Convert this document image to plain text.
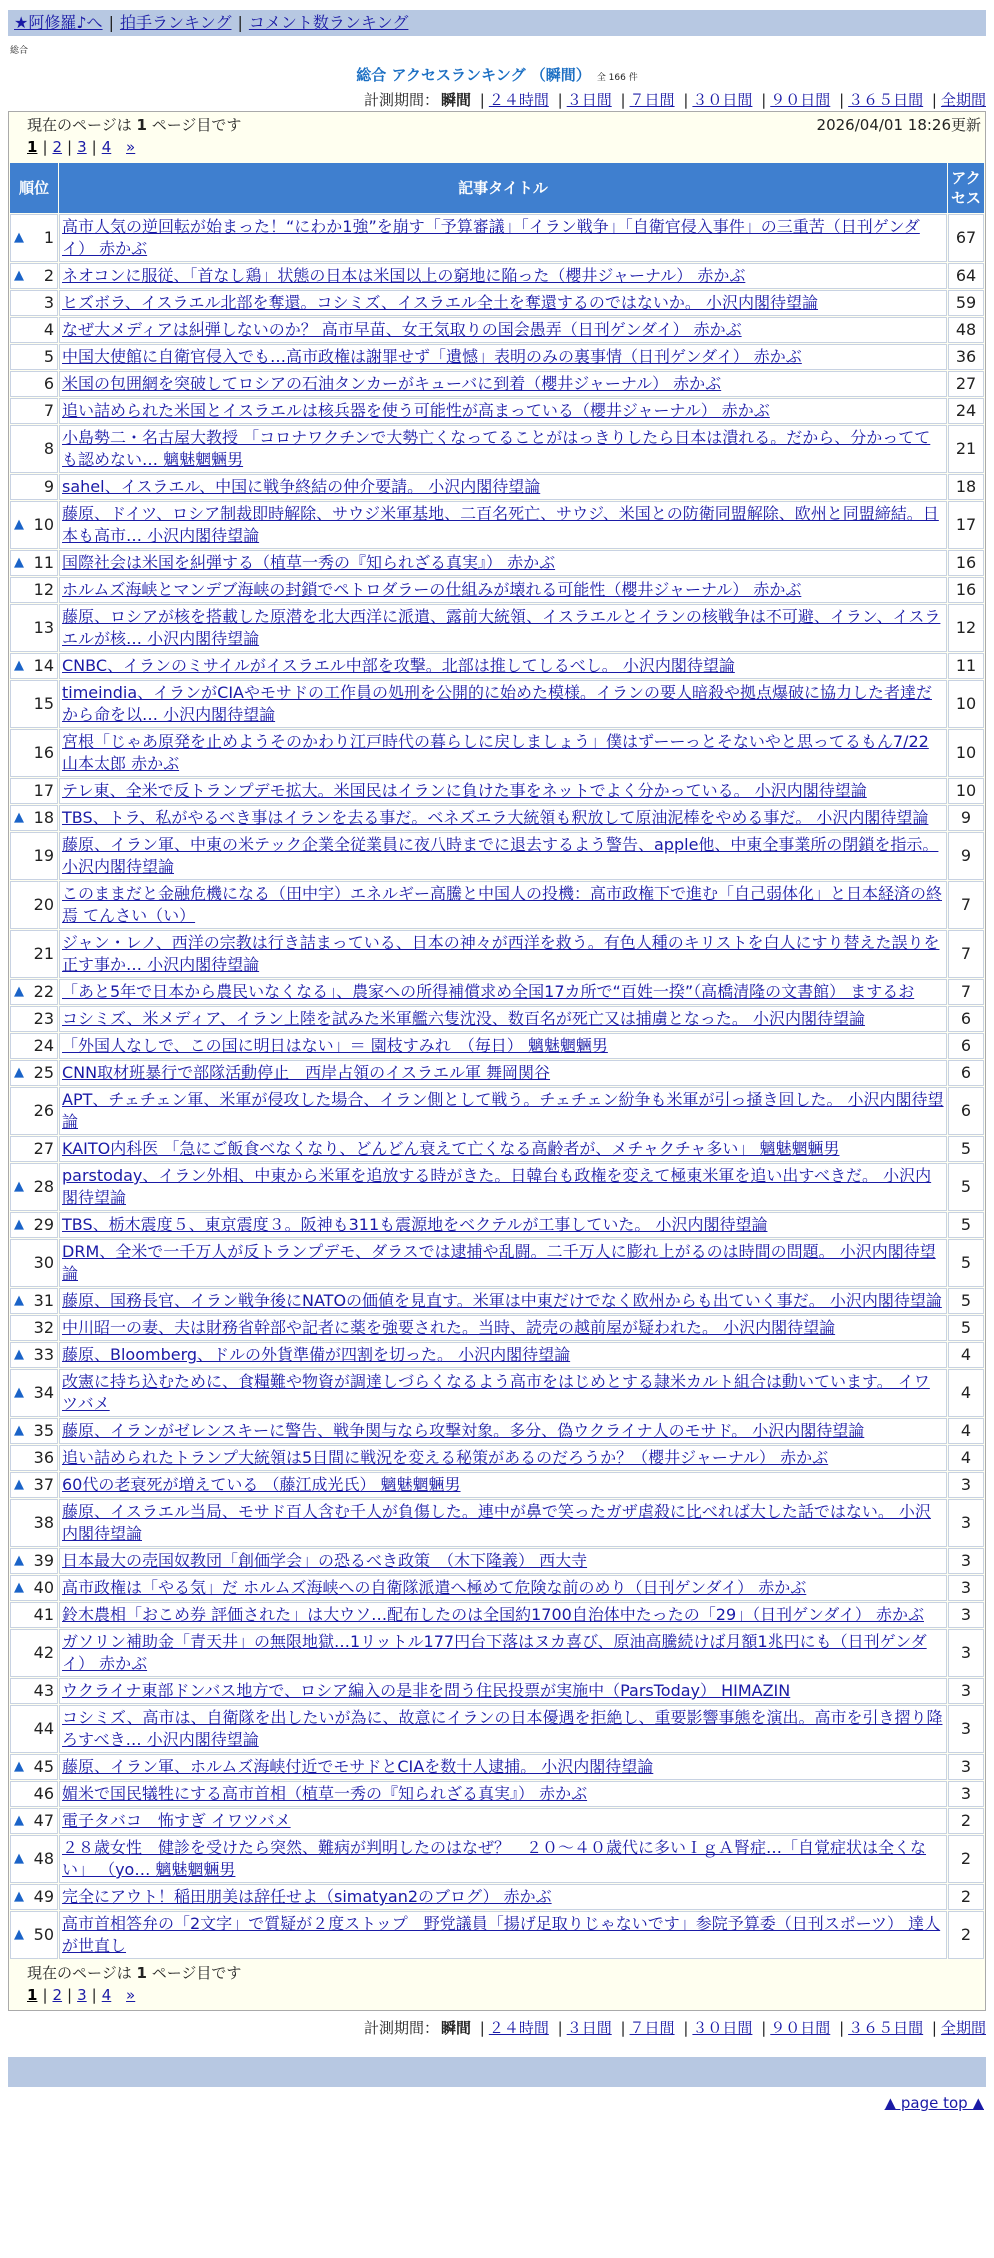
★阿修羅♪へ | 拍手ランキング | コメント数ランキング
総合
総合 アクセスランキング （瞬間） 全 166 件
計測期間： 瞬間 | ２４時間 | ３日間 | ７日間 | ３０日間 | ９０日間 | ３６５日間 | 全期間
現在のページは 1 ページ目です	2026/04/01 18:26更新
1 | 2 | 3 | 4 »
順位	記事タイトル	アクセス

▲ 1	高市人気の逆回転が始まった！“にわか1強”を崩す「予算審議」「イラン戦争」「自衛官侵入事件」の三重苦（日刊ゲンダイ） 赤かぶ	67

▲ 2	ネオコンに服従、「首なし鶏」状態の日本は米国以上の窮地に陥った（櫻井ジャーナル） 赤かぶ	64
3	ヒズボラ、イスラエル北部を奪還。コシミズ、イスラエル全土を奪還するのではないか。 小沢内閣待望論	59
4	なぜ大メディアは糾弾しないのか？ 高市早苗、女王気取りの国会愚弄（日刊ゲンダイ） 赤かぶ	48
5	中国大使館に自衛官侵入でも…高市政権は謝罪せず「遺憾」表明のみの裏事情（日刊ゲンダイ） 赤かぶ	36
6	米国の包囲網を突破してロシアの石油タンカーがキューバに到着（櫻井ジャーナル） 赤かぶ	27
7	追い詰められた米国とイスラエルは核兵器を使う可能性が高まっている（櫻井ジャーナル） 赤かぶ	24
8	小島勢二・名古屋大教授 「コロナワクチンで大勢亡くなってることがはっきりしたら日本は潰れる。だから、分かってても認めない… 魑魅魍魎男	21
9	sahel、イスラエル、中国に戦争終結の仲介要請。 小沢内閣待望論	18

▲ 10	藤原、ドイツ、ロシア制裁即時解除、サウジ米軍基地、二百名死亡、サウジ、米国との防衛同盟解除、欧州と同盟締結。日本も高市… 小沢内閣待望論	17

▲ 11	国際社会は米国を糾弾する（植草一秀の『知られざる真実』） 赤かぶ	16
12	ホルムズ海峡とマンデブ海峡の封鎖でペトロダラーの仕組みが壊れる可能性（櫻井ジャーナル） 赤かぶ	16
13	藤原、ロシアが核を搭載した原潜を北大西洋に派遣、露前大統領、イスラエルとイランの核戦争は不可避、イラン、イスラエルが核… 小沢内閣待望論	12

▲ 14	CNBC、イランのミサイルがイスラエル中部を攻撃。北部は推してしるべし。 小沢内閣待望論	11
15	timeindia、イランがCIAやモサドの工作員の処刑を公開的に始めた模様。イランの要人暗殺や拠点爆破に協力した者達だから命を以… 小沢内閣待望論	10
16	宮根「じゃあ原発を止めようそのかわり江戸時代の暮らしに戻しましょう」僕はずーーっとそないやと思ってるもん7/22山本太郎 赤かぶ	10
17	テレ東、全米で反トランプデモ拡大。米国民はイランに負けた事をネットでよく分かっている。 小沢内閣待望論	10

▲ 18	TBS、トラ、私がやるべき事はイランを去る事だ。ベネズエラ大統領も釈放して原油泥棒をやめる事だ。 小沢内閣待望論	9
19	藤原、イラン軍、中東の米テック企業全従業員に夜八時までに退去するよう警告、apple他、中東全事業所の閉鎖を指示。 小沢内閣待望論	9
20	このままだと金融危機になる（田中宇）エネルギー高騰と中国人の投機：高市政権下で進む「自己弱体化」と日本経済の終焉 てんさい（い）	7
21	ジャン・レノ、西洋の宗教は行き詰まっている、日本の神々が西洋を救う。有色人種のキリストを白人にすり替えた誤りを正す事か… 小沢内閣待望論	7

▲ 22	「あと5年で日本から農民いなくなる」、農家への所得補償求め全国17カ所で“百姓一揆”（高橋清隆の文書館） まするお	7
23	コシミズ、米メディア、イラン上陸を試みた米軍艦六隻沈没、数百名が死亡又は捕虜となった。 小沢内閣待望論	6
24	「外国人なしで、この国に明日はない」＝ 園枝すみれ　（毎日） 魑魅魍魎男	6

▲ 25	CNN取材班暴行で部隊活動停止　西岸占領のイスラエル軍 舞岡関谷	6
26	APT、チェチェン軍、米軍が侵攻した場合、イラン側として戦う。チェチェン紛争も米軍が引っ掻き回した。 小沢内閣待望論	6
27	KAITO内科医 「急にご飯食べなくなり、どんどん衰えて亡くなる高齢者が、メチャクチャ多い」 魑魅魍魎男	5

▲ 28	parstoday、イラン外相、中東から米軍を追放する時がきた。日韓台も政権を変えて極東米軍を追い出すべきだ。 小沢内閣待望論	5

▲ 29	TBS、栃木震度５、東京震度３。阪神も311も震源地をベクテルが工事していた。 小沢内閣待望論	5
30	DRM、全米で一千万人が反トランプデモ、ダラスでは逮捕や乱闘。二千万人に膨れ上がるのは時間の問題。 小沢内閣待望論	5

▲ 31	藤原、国務長官、イラン戦争後にNATOの価値を見直す。米軍は中東だけでなく欧州からも出ていく事だ。 小沢内閣待望論	5
32	中川昭一の妻、夫は財務省幹部や記者に薬を強要された。当時、読売の越前屋が疑われた。 小沢内閣待望論	5

▲ 33	藤原、Bloomberg、ドルの外貨準備が四割を切った。 小沢内閣待望論	4

▲ 34	改憲に持ち込むために、食糧難や物資が調達しづらくなるよう高市をはじめとする隷米カルト組合は動いています。 イワツバメ	4

▲ 35	藤原、イランがゼレンスキーに警告、戦争関与なら攻撃対象。多分、偽ウクライナ人のモサド。 小沢内閣待望論	4
36	追い詰められたトランプ大統領は5日間に戦況を変える秘策があるのだろうか？（櫻井ジャーナル） 赤かぶ	4

▲ 37	60代の老衰死が増えている （藤江成光氏） 魑魅魍魎男	3
38	藤原、イスラエル当局、モサド百人含む千人が負傷した。連中が鼻で笑ったガザ虐殺に比べれば大した話ではない。 小沢内閣待望論	3

▲ 39	日本最大の売国奴教団「創価学会」の恐るべき政策　（木下隆義） 西大寺	3

▲ 40	高市政権は「やる気」だ ホルムズ海峡への自衛隊派遣へ極めて危険な前のめり（日刊ゲンダイ） 赤かぶ	3
41	鈴木農相「おこめ券 評価された」は大ウソ…配布したのは全国約1700自治体中たったの「29」（日刊ゲンダイ） 赤かぶ	3
42	ガソリン補助金「青天井」の無限地獄…1リットル177円台下落はヌカ喜び、原油高騰続けば月額1兆円にも（日刊ゲンダイ） 赤かぶ	3
43	ウクライナ東部ドンバス地方で、ロシア編入の是非を問う住民投票が実施中（ParsToday） HIMAZIN	3
44	コシミズ、高市は、自衛隊を出したいが為に、故意にイランの日本優遇を拒絶し、重要影響事態を演出。高市を引き摺り降ろすべき… 小沢内閣待望論	3

▲ 45	藤原、イラン軍、ホルムズ海峡付近でモサドとCIAを数十人逮捕。 小沢内閣待望論	3
46	媚米で国民犠牲にする高市首相（植草一秀の『知られざる真実』） 赤かぶ	3

▲ 47	電子タバコ　怖すぎ イワツバメ	2

▲ 48	２８歳女性　健診を受けたら突然、難病が判明したのはなぜ？　２０～４０歳代に多いＩｇＡ腎症…「自覚症状は全くない」 （yo… 魑魅魍魎男	2

▲ 49	完全にアウト！稲田朋美は辞任せよ（simatyan2のブログ） 赤かぶ	2

▲ 50	高市首相答弁の「2文字」で質疑が２度ストップ　野党議員「揚げ足取りじゃないです」参院予算委（日刊スポーツ） 達人が世直し	2
現在のページは 1 ページ目です
1 | 2 | 3 | 4 »
計測期間： 瞬間 | ２４時間 | ３日間 | ７日間 | ３０日間 | ９０日間 | ３６５日間 | 全期間
▲ page top ▲
